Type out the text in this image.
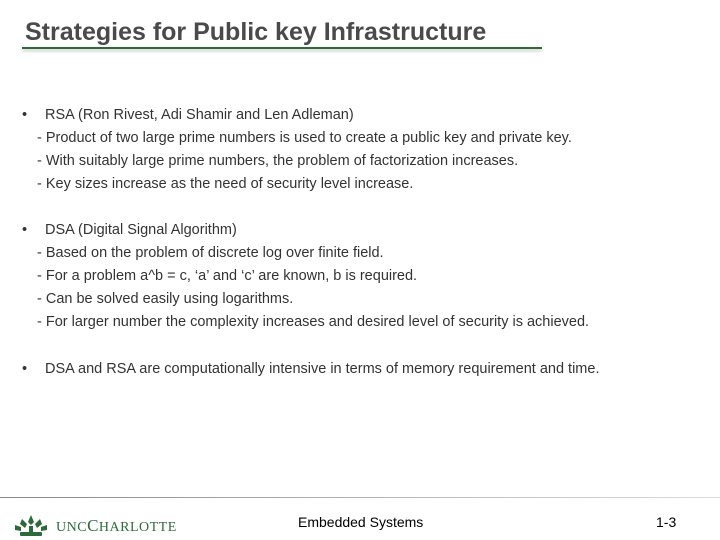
Strategies for Public key Infrastructure
• RSA (Ron Rivest, Adi Shamir and Len Adleman)
- Product of two large prime numbers is used to create a public key and private key.
- With suitably large prime numbers, the problem of factorization increases.
- Key sizes increase as the need of security level increase.
• DSA (Digital Signal Algorithm)
- Based on the problem of discrete log over finite field.
- For a problem a^b = c, ‘a’ and ‘c’ are known, b is required.
- Can be solved easily using logarithms.
- For larger number the complexity increases and desired level of security is achieved.
• DSA and RSA are computationally intensive in terms of memory requirement and time.
UNCCHARLOTTE	Embedded Systems	1-3
